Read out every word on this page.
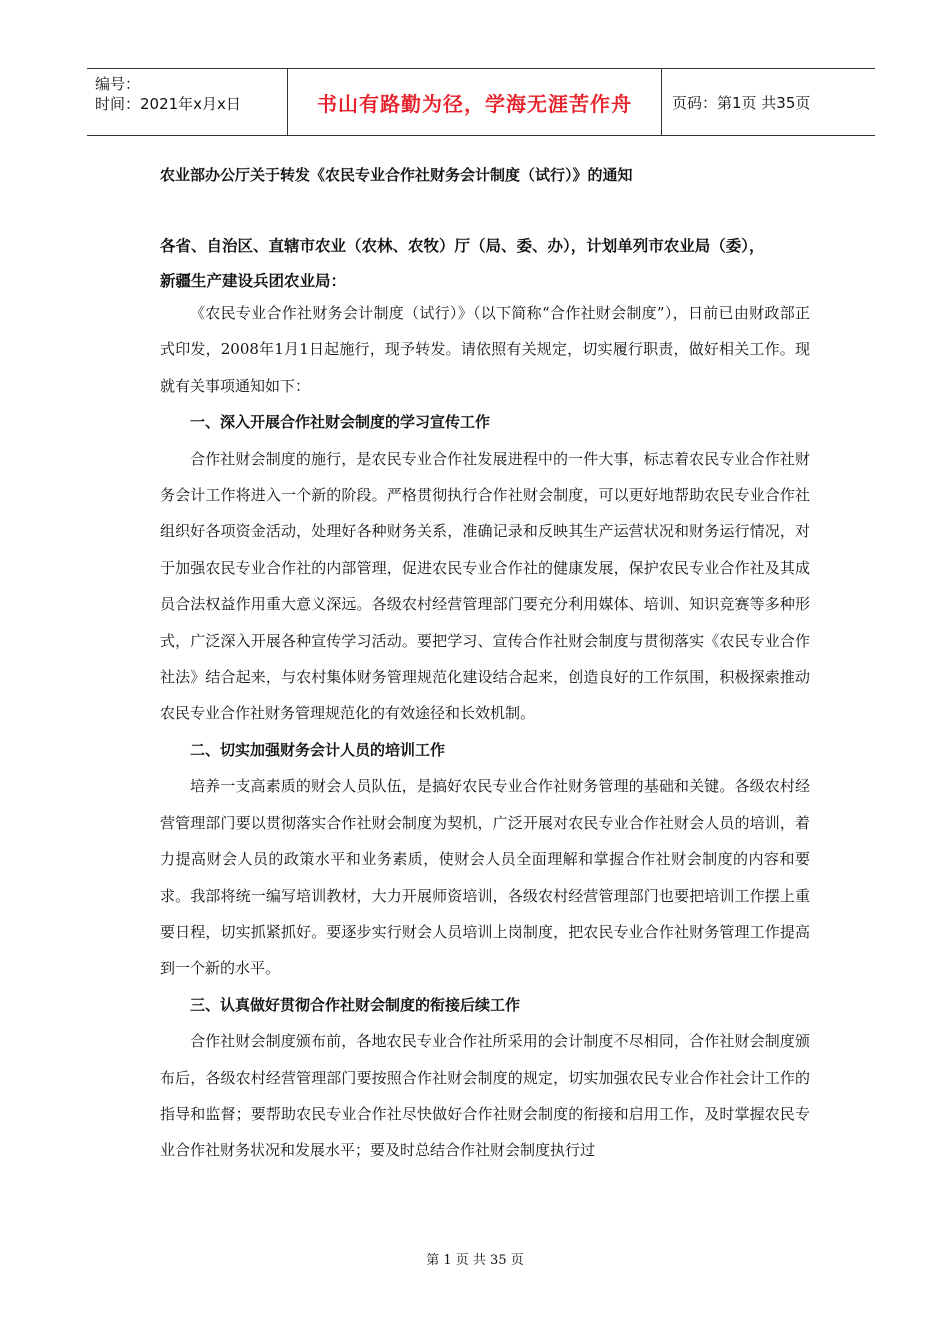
编号：
时间：2021年x月x日	书山有路勤为径，学海无涯苦作舟	页码：第1页 共35页
农业部办公厅关于转发《农民专业合作社财务会计制度（试行）》的通知

各省、自治区、直辖市农业（农林、农牧）厅（局、委、办），计划单列市农业局（委），

新疆生产建设兵团农业局：

《农民专业合作社财务会计制度（试行）》（以下简称“合作社财会制度”），日前已由财政部正式印发，2008年1月1日起施行，现予转发。请依照有关规定，切实履行职责，做好相关工作。现就有关事项通知如下：

一、深入开展合作社财会制度的学习宣传工作

合作社财会制度的施行，是农民专业合作社发展进程中的一件大事，标志着农民专业合作社财务会计工作将进入一个新的阶段。严格贯彻执行合作社财会制度，可以更好地帮助农民专业合作社组织好各项资金活动，处理好各种财务关系，准确记录和反映其生产运营状况和财务运行情况，对于加强农民专业合作社的内部管理，促进农民专业合作社的健康发展，保护农民专业合作社及其成员合法权益作用重大意义深远。各级农村经营管理部门要充分利用媒体、培训、知识竞赛等多种形式，广泛深入开展各种宣传学习活动。要把学习、宣传合作社财会制度与贯彻落实《农民专业合作社法》结合起来，与农村集体财务管理规范化建设结合起来，创造良好的工作氛围，积极探索推动农民专业合作社财务管理规范化的有效途径和长效机制。

二、切实加强财务会计人员的培训工作

培养一支高素质的财会人员队伍，是搞好农民专业合作社财务管理的基础和关键。各级农村经营管理部门要以贯彻落实合作社财会制度为契机，广泛开展对农民专业合作社财会人员的培训，着力提高财会人员的政策水平和业务素质，使财会人员全面理解和掌握合作社财会制度的内容和要求。我部将统一编写培训教材，大力开展师资培训，各级农村经营管理部门也要把培训工作摆上重要日程，切实抓紧抓好。要逐步实行财会人员培训上岗制度，把农民专业合作社财务管理工作提高到一个新的水平。

三、认真做好贯彻合作社财会制度的衔接后续工作

合作社财会制度颁布前，各地农民专业合作社所采用的会计制度不尽相同，合作社财会制度颁布后，各级农村经营管理部门要按照合作社财会制度的规定，切实加强农民专业合作社会计工作的指导和监督；要帮助农民专业合作社尽快做好合作社财会制度的衔接和启用工作，及时掌握农民专业合作社财务状况和发展水平；要及时总结合作社财会制度执行过

第 1 页 共 35 页
